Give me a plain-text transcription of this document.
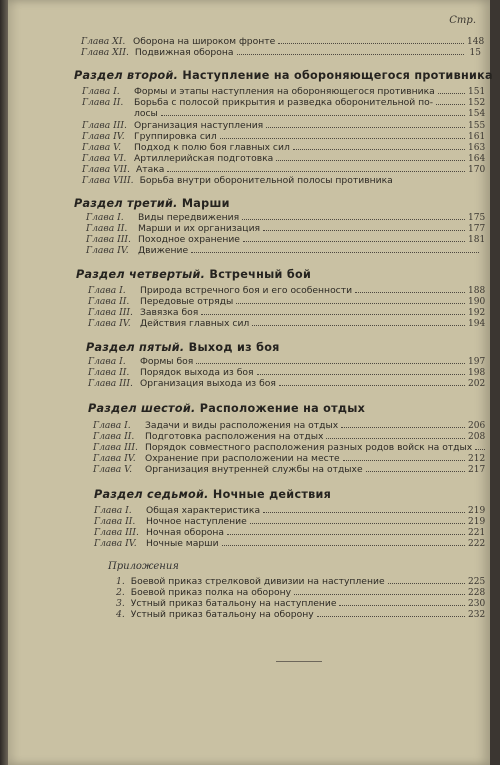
Стр.
Глава XI. Оборона на широком фронте	148
Глава XII. Подвижная оборона	15
Раздел второй. Наступление на обороняющегося противника
Глава I.	Формы и этапы наступления на обороняющегося противника	151
Глава II.	Борьба с полосой прикрытия и разведка оборонительной по-	152
лосы	154
Глава III. Организация наступления	155
Глава IV.	Группировка сил	161
Глава V.	Подход к полю боя главных сил	163
Глава VI. Артиллерийская подготовка	164
Глава VII. Атака	170
Глава VIII. Борьба внутри оборонительной полосы противника
Раздел третий. Марши
Глава I.	Виды передвижения	175
Глава II.	Марши и их организация	177
Глава III. Походное охранение	181
Глава IV.	Движение
Раздел четвертый. Встречный бой
Глава I.	Природа встречного боя и его особенности	188
Глава II.	Передовые отряды	190
Глава III. Завязка боя	192
Глава IV.	Действия главных сил	194
Раздел пятый. Выход из боя
Глава I.	Формы боя	197
Глава II.	Порядок выхода из боя	198
Глава III. Организация выхода из боя	202
Раздел шестой. Расположение на отдых
Глава I.	Задачи и виды расположения на отдых	206
Глава II.	Подготовка расположения на отдых	208
Глава III. Порядок совместного расположения разных родов войск на отдых
Глава IV.	Охранение при расположении на месте	212
Глава V.	Организация внутренней службы на отдыхе	217
Раздел седьмой. Ночные действия
Глава I.	Общая характеристика	219
Глава II.	Ночное наступление	219
Глава III. Ночная оборона	221
Глава IV.	Ночные марши	222
Приложения
1. Боевой приказ стрелковой дивизии на наступление	225
2. Боевой приказ полка на оборону	228
3. Устный приказ батальону на наступление	230
4. Устный приказ батальону на оборону	232
